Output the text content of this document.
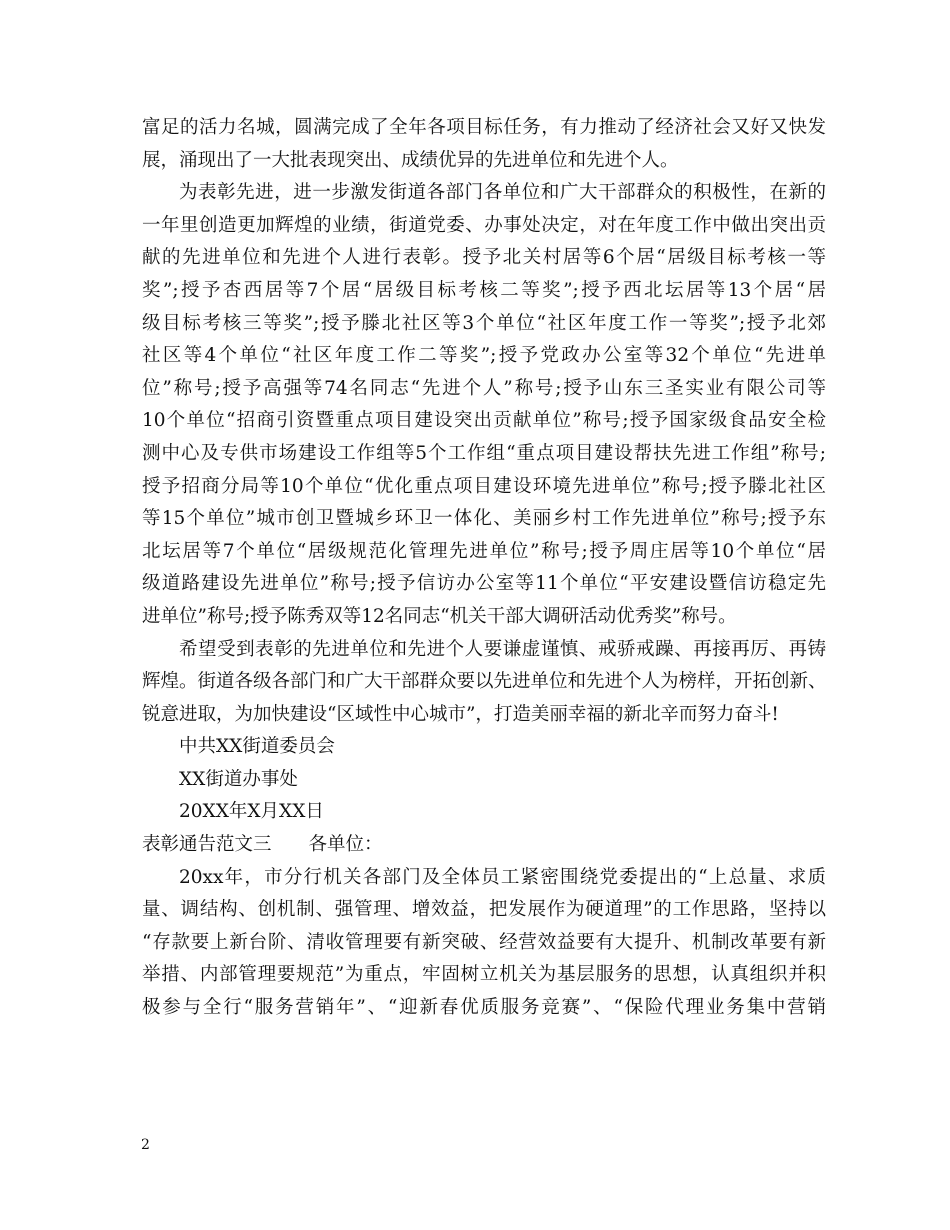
富足的活力名城，圆满完成了全年各项目标任务，有力推动了经济社会又好又快发
展，涌现出了一大批表现突出、成绩优异的先进单位和先进个人。
为表彰先进，进一步激发街道各部门各单位和广大干部群众的积极性，在新的
一年里创造更加辉煌的业绩，街道党委、办事处决定，对在年度工作中做出突出贡
献的先进单位和先进个人进行表彰。授予北关村居等6个居“居级目标考核一等
奖”;授予杏西居等7个居“居级目标考核二等奖”;授予西北坛居等13个居“居
级目标考核三等奖”;授予滕北社区等3个单位“社区年度工作一等奖”;授予北郊
社区等4个单位“社区年度工作二等奖”;授予党政办公室等32个单位“先进单
位”称号;授予高强等74名同志“先进个人”称号;授予山东三圣实业有限公司等
10个单位“招商引资暨重点项目建设突出贡献单位”称号;授予国家级食品安全检
测中心及专供市场建设工作组等5个工作组“重点项目建设帮扶先进工作组”称号;
授予招商分局等10个单位“优化重点项目建设环境先进单位”称号;授予滕北社区
等15个单位”城市创卫暨城乡环卫一体化、美丽乡村工作先进单位”称号;授予东
北坛居等7个单位“居级规范化管理先进单位”称号;授予周庄居等10个单位“居
级道路建设先进单位”称号;授予信访办公室等11个单位“平安建设暨信访稳定先
进单位”称号;授予陈秀双等12名同志“机关干部大调研活动优秀奖”称号。
希望受到表彰的先进单位和先进个人要谦虚谨慎、戒骄戒躁、再接再厉、再铸
辉煌。街道各级各部门和广大干部群众要以先进单位和先进个人为榜样，开拓创新、
锐意进取，为加快建设“区域性中心城市”，打造美丽幸福的新北辛而努力奋斗!
中共XX街道委员会
XX街道办事处
20XX年X月XX日
表彰通告范文三　　各单位：
20xx年，市分行机关各部门及全体员工紧密围绕党委提出的“上总量、求质
量、调结构、创机制、强管理、增效益，把发展作为硬道理”的工作思路，坚持以
“存款要上新台阶、清收管理要有新突破、经营效益要有大提升、机制改革要有新
举措、内部管理要规范”为重点，牢固树立机关为基层服务的思想，认真组织并积
极参与全行“服务营销年”、“迎新春优质服务竞赛”、“保险代理业务集中营销
2
